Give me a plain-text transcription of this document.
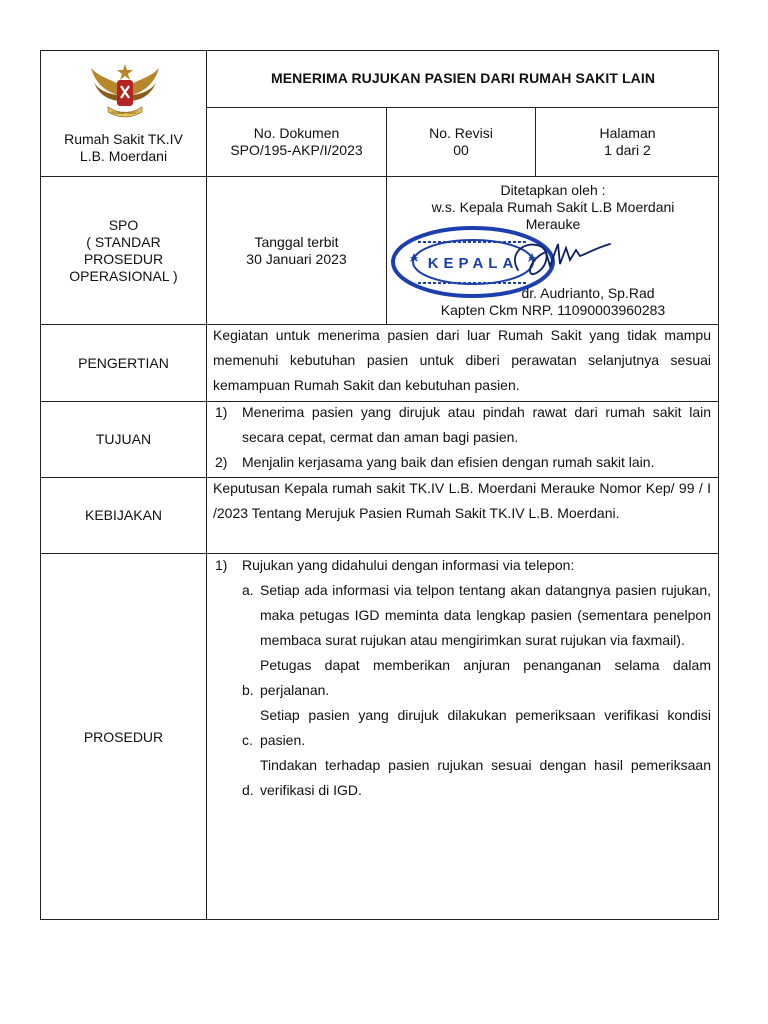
RUMAH SAKIT
Rumah Sakit TK.IV
L.B. Moerdani
MENERIMA RUJUKAN PASIEN DARI RUMAH SAKIT LAIN
No. Dokumen
SPO/195-AKP/I/2023
No. Revisi
00
Halaman
1 dari 2
SPO
( STANDAR
PROSEDUR
OPERASIONAL )
Tanggal terbit
30 Januari 2023
Ditetapkan oleh :
w.s. Kepala Rumah Sakit L.B Moerdani
Merauke
KEPALA
dr. Audrianto, Sp.Rad
Kapten Ckm NRP. 11090003960283
PENGERTIAN

Kegiatan untuk menerima pasien dari luar Rumah Sakit yang tidak mampu memenuhi kebutuhan pasien untuk diberi perawatan selanjutnya sesuai kemampuan Rumah Sakit dan kebutuhan pasien.

TUJUAN
1) Menerima pasien yang dirujuk atau pindah rawat dari rumah sakit lain secara cepat, cermat dan aman bagi pasien.

2) Menjalin kerjasama yang baik dan efisien dengan rumah sakit lain.

KEBIJAKAN

Keputusan Kepala rumah sakit TK.IV L.B. Moerdani Merauke Nomor Kep/ 99 / I /2023 Tentang Merujuk Pasien Rumah Sakit TK.IV L.B. Moerdani.

PROSEDUR
1) Rujukan yang didahului dengan informasi via telepon:

a. Setiap ada informasi via telpon tentang akan datangnya pasien rujukan, maka petugas IGD meminta data lengkap pasien (sementara penelpon membaca surat rujukan atau mengirimkan surat rujukan via faxmail).

b.

Petugas dapat memberikan anjuran penanganan selama dalam perjalanan.

c.

Setiap pasien yang dirujuk dilakukan pemeriksaan verifikasi kondisi pasien.

d.

Tindakan terhadap pasien rujukan sesuai dengan hasil pemeriksaan verifikasi di IGD.
